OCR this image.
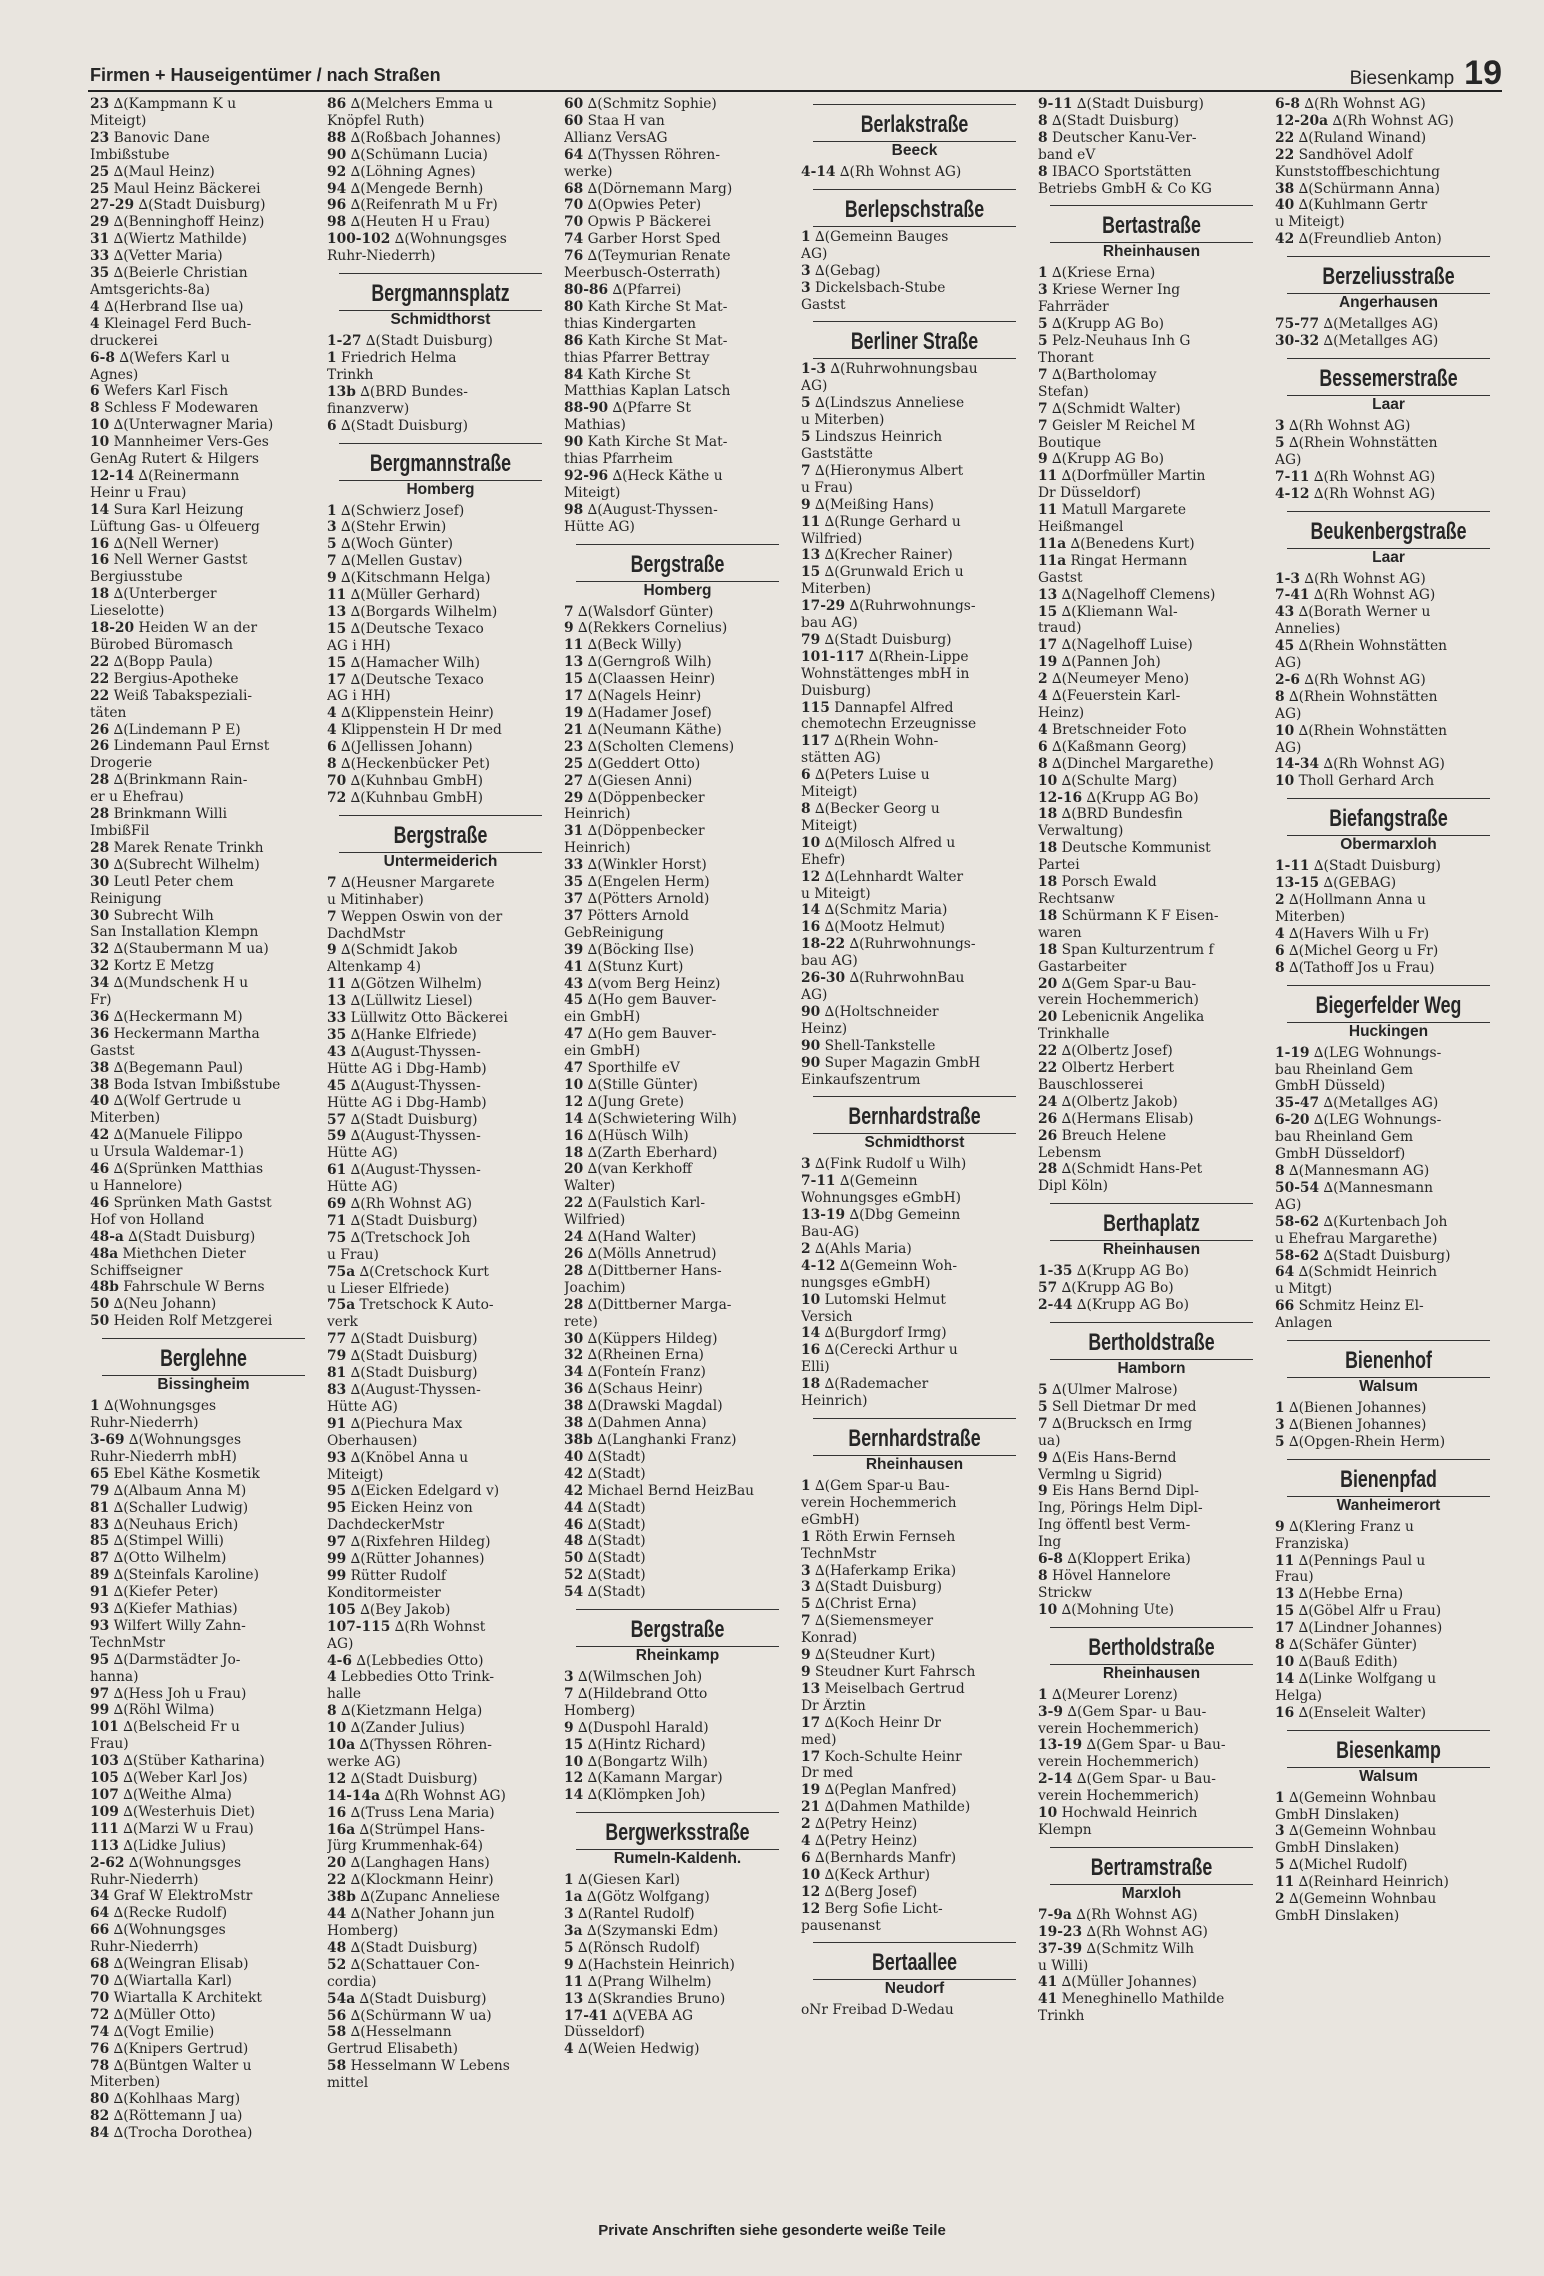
Firmen + Hauseigentümer / nach Straßen	Biesenkamp 19
23 ∆(Kampmann K u
Miteigt)
23 Banovic Dane
Imbißstube
25 ∆(Maul Heinz)
25 Maul Heinz Bäckerei
27-29 ∆(Stadt Duisburg)
29 ∆(Benninghoff Heinz)
31 ∆(Wiertz Mathilde)
33 ∆(Vetter Maria)
35 ∆(Beierle Christian
Amtsgerichts-8a)
4 ∆(Herbrand Ilse ua)
4 Kleinagel Ferd Buch-
druckerei
6-8 ∆(Wefers Karl u
Agnes)
6 Wefers Karl Fisch
8 Schless F Modewaren
10 ∆(Unterwagner Maria)
10 Mannheimer Vers-Ges
GenAg Rutert & Hilgers
12-14 ∆(Reinermann
Heinr u Frau)
14 Sura Karl Heizung
Lüftung Gas- u Ölfeuerg
16 ∆(Nell Werner)
16 Nell Werner Gastst
Bergiusstube
18 ∆(Unterberger
Lieselotte)
18-20 Heiden W an der
Bürobed Büromasch
22 ∆(Bopp Paula)
22 Bergius-Apotheke
22 Weiß Tabakspeziali-
täten
26 ∆(Lindemann P E)
26 Lindemann Paul Ernst
Drogerie
28 ∆(Brinkmann Rain-
er u Ehefrau)
28 Brinkmann Willi
ImbißFil
28 Marek Renate Trinkh
30 ∆(Subrecht Wilhelm)
30 Leutl Peter chem
Reinigung
30 Subrecht Wilh
San Installation Klempn
32 ∆(Staubermann M ua)
32 Kortz E Metzg
34 ∆(Mundschenk H u
Fr)
36 ∆(Heckermann M)
36 Heckermann Martha
Gastst
38 ∆(Begemann Paul)
38 Boda Istvan Imbißstube
40 ∆(Wolf Gertrude u
Miterben)
42 ∆(Manuele Filippo
u Ursula Waldemar-1)
46 ∆(Sprünken Matthias
u Hannelore)
46 Sprünken Math Gastst
Hof von Holland
48-a ∆(Stadt Duisburg)
48a Miethchen Dieter
Schiffseigner
48b Fahrschule W Berns
50 ∆(Neu Johann)
50 Heiden Rolf Metzgerei
Berglehne
Bissingheim
1 ∆(Wohnungsges
Ruhr-Niederrh)
3-69 ∆(Wohnungsges
Ruhr-Niederrh mbH)
65 Ebel Käthe Kosmetik
79 ∆(Albaum Anna M)
81 ∆(Schaller Ludwig)
83 ∆(Neuhaus Erich)
85 ∆(Stimpel Willi)
87 ∆(Otto Wilhelm)
89 ∆(Steinfals Karoline)
91 ∆(Kiefer Peter)
93 ∆(Kiefer Mathias)
93 Wilfert Willy Zahn-
TechnMstr
95 ∆(Darmstädter Jo-
hanna)
97 ∆(Hess Joh u Frau)
99 ∆(Röhl Wilma)
101 ∆(Belscheid Fr u
Frau)
103 ∆(Stüber Katharina)
105 ∆(Weber Karl Jos)
107 ∆(Weithe Alma)
109 ∆(Westerhuis Diet)
111 ∆(Marzi W u Frau)
113 ∆(Lidke Julius)
2-62 ∆(Wohnungsges
Ruhr-Niederrh)
34 Graf W ElektroMstr
64 ∆(Recke Rudolf)
66 ∆(Wohnungsges
Ruhr-Niederrh)
68 ∆(Weingran Elisab)
70 ∆(Wiartalla Karl)
70 Wiartalla K Architekt
72 ∆(Müller Otto)
74 ∆(Vogt Emilie)
76 ∆(Knipers Gertrud)
78 ∆(Büntgen Walter u
Miterben)
80 ∆(Kohlhaas Marg)
82 ∆(Röttemann J ua)
84 ∆(Trocha Dorothea)
86 ∆(Melchers Emma u
Knöpfel Ruth)
88 ∆(Roßbach Johannes)
90 ∆(Schümann Lucia)
92 ∆(Löhning Agnes)
94 ∆(Mengede Bernh)
96 ∆(Reifenrath M u Fr)
98 ∆(Heuten H u Frau)
100-102 ∆(Wohnungsges
Ruhr-Niederrh)
Bergmannsplatz
Schmidthorst
1-27 ∆(Stadt Duisburg)
1 Friedrich Helma
Trinkh
13b ∆(BRD Bundes-
finanzverw)
6 ∆(Stadt Duisburg)
Bergmannstraße
Homberg
1 ∆(Schwierz Josef)
3 ∆(Stehr Erwin)
5 ∆(Woch Günter)
7 ∆(Mellen Gustav)
9 ∆(Kitschmann Helga)
11 ∆(Müller Gerhard)
13 ∆(Borgards Wilhelm)
15 ∆(Deutsche Texaco
AG i HH)
15 ∆(Hamacher Wilh)
17 ∆(Deutsche Texaco
AG i HH)
4 ∆(Klippenstein Heinr)
4 Klippenstein H Dr med
6 ∆(Jellissen Johann)
8 ∆(Heckenbücker Pet)
70 ∆(Kuhnbau GmbH)
72 ∆(Kuhnbau GmbH)
Bergstraße
Untermeiderich
7 ∆(Heusner Margarete
u Mitinhaber)
7 Weppen Oswin von der
DachdMstr
9 ∆(Schmidt Jakob
Altenkamp 4)
11 ∆(Götzen Wilhelm)
13 ∆(Lüllwitz Liesel)
33 Lüllwitz Otto Bäckerei
35 ∆(Hanke Elfriede)
43 ∆(August-Thyssen-
Hütte AG i Dbg-Hamb)
45 ∆(August-Thyssen-
Hütte AG i Dbg-Hamb)
57 ∆(Stadt Duisburg)
59 ∆(August-Thyssen-
Hütte AG)
61 ∆(August-Thyssen-
Hütte AG)
69 ∆(Rh Wohnst AG)
71 ∆(Stadt Duisburg)
75 ∆(Tretschock Joh
u Frau)
75a ∆(Cretschock Kurt
u Lieser Elfriede)
75a Tretschock K Auto-
verk
77 ∆(Stadt Duisburg)
79 ∆(Stadt Duisburg)
81 ∆(Stadt Duisburg)
83 ∆(August-Thyssen-
Hütte AG)
91 ∆(Piechura Max
Oberhausen)
93 ∆(Knöbel Anna u
Miteigt)
95 ∆(Eicken Edelgard v)
95 Eicken Heinz von
DachdeckerMstr
97 ∆(Rixfehren Hildeg)
99 ∆(Rütter Johannes)
99 Rütter Rudolf
Konditormeister
105 ∆(Bey Jakob)
107-115 ∆(Rh Wohnst
AG)
4-6 ∆(Lebbedies Otto)
4 Lebbedies Otto Trink-
halle
8 ∆(Kietzmann Helga)
10 ∆(Zander Julius)
10a ∆(Thyssen Röhren-
werke AG)
12 ∆(Stadt Duisburg)
14-14a ∆(Rh Wohnst AG)
16 ∆(Truss Lena Maria)
16a ∆(Strümpel Hans-
Jürg Krummenhak-64)
20 ∆(Langhagen Hans)
22 ∆(Klockmann Heinr)
38b ∆(Zupanc Anneliese
44 ∆(Nather Johann jun
Homberg)
48 ∆(Stadt Duisburg)
52 ∆(Schattauer Con-
cordia)
54a ∆(Stadt Duisburg)
56 ∆(Schürmann W ua)
58 ∆(Hesselmann
Gertrud Elisabeth)
58 Hesselmann W Lebens
mittel
60 ∆(Schmitz Sophie)
60 Staa H van
Allianz VersAG
64 ∆(Thyssen Röhren-
werke)
68 ∆(Dörnemann Marg)
70 ∆(Opwies Peter)
70 Opwis P Bäckerei
74 Garber Horst Sped
76 ∆(Teymurian Renate
Meerbusch-Osterrath)
80-86 ∆(Pfarrei)
80 Kath Kirche St Mat-
thias Kindergarten
86 Kath Kirche St Mat-
thias Pfarrer Bettray
84 Kath Kirche St
Matthias Kaplan Latsch
88-90 ∆(Pfarre St
Mathias)
90 Kath Kirche St Mat-
thias Pfarrheim
92-96 ∆(Heck Käthe u
Miteigt)
98 ∆(August-Thyssen-
Hütte AG)
Bergstraße
Homberg
7 ∆(Walsdorf Günter)
9 ∆(Rekkers Cornelius)
11 ∆(Beck Willy)
13 ∆(Gerngroß Wilh)
15 ∆(Claassen Heinr)
17 ∆(Nagels Heinr)
19 ∆(Hadamer Josef)
21 ∆(Neumann Käthe)
23 ∆(Scholten Clemens)
25 ∆(Geddert Otto)
27 ∆(Giesen Anni)
29 ∆(Döppenbecker
Heinrich)
31 ∆(Döppenbecker
Heinrich)
33 ∆(Winkler Horst)
35 ∆(Engelen Herm)
37 ∆(Pötters Arnold)
37 Pötters Arnold
GebReinigung
39 ∆(Böcking Ilse)
41 ∆(Stunz Kurt)
43 ∆(vom Berg Heinz)
45 ∆(Ho gem Bauver-
ein GmbH)
47 ∆(Ho gem Bauver-
ein GmbH)
47 Sporthilfe eV
10 ∆(Stille Günter)
12 ∆(Jung Grete)
14 ∆(Schwietering Wilh)
16 ∆(Hüsch Wilh)
18 ∆(Zarth Eberhard)
20 ∆(van Kerkhoff
Walter)
22 ∆(Faulstich Karl-
Wilfried)
24 ∆(Hand Walter)
26 ∆(Mölls Annetrud)
28 ∆(Dittberner Hans-
Joachim)
28 ∆(Dittberner Marga-
rete)
30 ∆(Küppers Hildeg)
32 ∆(Rheinen Erna)
34 ∆(Fonteín Franz)
36 ∆(Schaus Heinr)
38 ∆(Drawski Magdal)
38 ∆(Dahmen Anna)
38b ∆(Langhanki Franz)
40 ∆(Stadt)
42 ∆(Stadt)
42 Michael Bernd HeizBau
44 ∆(Stadt)
46 ∆(Stadt)
48 ∆(Stadt)
50 ∆(Stadt)
52 ∆(Stadt)
54 ∆(Stadt)
Bergstraße
Rheinkamp
3 ∆(Wilmschen Joh)
7 ∆(Hildebrand Otto
Homberg)
9 ∆(Duspohl Harald)
15 ∆(Hintz Richard)
10 ∆(Bongartz Wilh)
12 ∆(Kamann Margar)
14 ∆(Klömpken Joh)
Bergwerksstraße
Rumeln-Kaldenh.
1 ∆(Giesen Karl)
1a ∆(Götz Wolfgang)
3 ∆(Rantel Rudolf)
3a ∆(Szymanski Edm)
5 ∆(Rönsch Rudolf)
9 ∆(Hachstein Heinrich)
11 ∆(Prang Wilhelm)
13 ∆(Skrandies Bruno)
17-41 ∆(VEBA AG
Düsseldorf)
4 ∆(Weien Hedwig)
Berlakstraße
Beeck
4-14 ∆(Rh Wohnst AG)
Berlepschstraße
1 ∆(Gemeinn Bauges
AG)
3 ∆(Gebag)
3 Dickelsbach-Stube
Gastst
Berliner Straße
1-3 ∆(Ruhrwohnungsbau
AG)
5 ∆(Lindszus Anneliese
u Miterben)
5 Lindszus Heinrich
Gaststätte
7 ∆(Hieronymus Albert
u Frau)
9 ∆(Meißing Hans)
11 ∆(Runge Gerhard u
Wilfried)
13 ∆(Krecher Rainer)
15 ∆(Grunwald Erich u
Miterben)
17-29 ∆(Ruhrwohnungs-
bau AG)
79 ∆(Stadt Duisburg)
101-117 ∆(Rhein-Lippe
Wohnstättenges mbH in
Duisburg)
115 Dannapfel Alfred
chemotechn Erzeugnisse
117 ∆(Rhein Wohn-
stätten AG)
6 ∆(Peters Luise u
Miteigt)
8 ∆(Becker Georg u
Miteigt)
10 ∆(Milosch Alfred u
Ehefr)
12 ∆(Lehnhardt Walter
u Miteigt)
14 ∆(Schmitz Maria)
16 ∆(Mootz Helmut)
18-22 ∆(Ruhrwohnungs-
bau AG)
26-30 ∆(RuhrwohnBau
AG)
90 ∆(Holtschneider
Heinz)
90 Shell-Tankstelle
90 Super Magazin GmbH
Einkaufszentrum
Bernhardstraße
Schmidthorst
3 ∆(Fink Rudolf u Wilh)
7-11 ∆(Gemeinn
Wohnungsges eGmbH)
13-19 ∆(Dbg Gemeinn
Bau-AG)
2 ∆(Ahls Maria)
4-12 ∆(Gemeinn Woh-
nungsges eGmbH)
10 Lutomski Helmut
Versich
14 ∆(Burgdorf Irmg)
16 ∆(Cerecki Arthur u
Elli)
18 ∆(Rademacher
Heinrich)
Bernhardstraße
Rheinhausen
1 ∆(Gem Spar-u Bau-
verein Hochemmerich
eGmbH)
1 Röth Erwin Fernseh
TechnMstr
3 ∆(Haferkamp Erika)
3 ∆(Stadt Duisburg)
5 ∆(Christ Erna)
7 ∆(Siemensmeyer
Konrad)
9 ∆(Steudner Kurt)
9 Steudner Kurt Fahrsch
13 Meiselbach Gertrud
Dr Ärztin
17 ∆(Koch Heinr Dr
med)
17 Koch-Schulte Heinr
Dr med
19 ∆(Peglan Manfred)
21 ∆(Dahmen Mathilde)
2 ∆(Petry Heinz)
4 ∆(Petry Heinz)
6 ∆(Bernhards Manfr)
10 ∆(Keck Arthur)
12 ∆(Berg Josef)
12 Berg Sofie Licht-
pausenanst
Bertaallee
Neudorf
oNr Freibad D-Wedau
9-11 ∆(Stadt Duisburg)
8 ∆(Stadt Duisburg)
8 Deutscher Kanu-Ver-
band eV
8 IBACO Sportstätten
Betriebs GmbH & Co KG
Bertastraße
Rheinhausen
1 ∆(Kriese Erna)
3 Kriese Werner Ing
Fahrräder
5 ∆(Krupp AG Bo)
5 Pelz-Neuhaus Inh G
Thorant
7 ∆(Bartholomay
Stefan)
7 ∆(Schmidt Walter)
7 Geisler M Reichel M
Boutique
9 ∆(Krupp AG Bo)
11 ∆(Dorfmüller Martin
Dr Düsseldorf)
11 Matull Margarete
Heißmangel
11a ∆(Benedens Kurt)
11a Ringat Hermann
Gastst
13 ∆(Nagelhoff Clemens)
15 ∆(Kliemann Wal-
traud)
17 ∆(Nagelhoff Luise)
19 ∆(Pannen Joh)
2 ∆(Neumeyer Meno)
4 ∆(Feuerstein Karl-
Heinz)
4 Bretschneider Foto
6 ∆(Kaßmann Georg)
8 ∆(Dinchel Margarethe)
10 ∆(Schulte Marg)
12-16 ∆(Krupp AG Bo)
18 ∆(BRD Bundesfin
Verwaltung)
18 Deutsche Kommunist
Partei
18 Porsch Ewald
Rechtsanw
18 Schürmann K F Eisen-
waren
18 Span Kulturzentrum f
Gastarbeiter
20 ∆(Gem Spar-u Bau-
verein Hochemmerich)
20 Lebenicnik Angelika
Trinkhalle
22 ∆(Olbertz Josef)
22 Olbertz Herbert
Bauschlosserei
24 ∆(Olbertz Jakob)
26 ∆(Hermans Elisab)
26 Breuch Helene
Lebensm
28 ∆(Schmidt Hans-Pet
Dipl Köln)
Berthaplatz
Rheinhausen
1-35 ∆(Krupp AG Bo)
57 ∆(Krupp AG Bo)
2-44 ∆(Krupp AG Bo)
Bertholdstraße
Hamborn
5 ∆(Ulmer Malrose)
5 Sell Dietmar Dr med
7 ∆(Brucksch en Irmg
ua)
9 ∆(Eis Hans-Bernd
Vermlng u Sigrid)
9 Eis Hans Bernd Dipl-
Ing, Pörings Helm Dipl-
Ing öffentl best Verm-
Ing
6-8 ∆(Kloppert Erika)
8 Hövel Hannelore
Strickw
10 ∆(Mohning Ute)
Bertholdstraße
Rheinhausen
1 ∆(Meurer Lorenz)
3-9 ∆(Gem Spar- u Bau-
verein Hochemmerich)
13-19 ∆(Gem Spar- u Bau-
verein Hochemmerich)
2-14 ∆(Gem Spar- u Bau-
verein Hochemmerich)
10 Hochwald Heinrich
Klempn
Bertramstraße
Marxloh
7-9a ∆(Rh Wohnst AG)
19-23 ∆(Rh Wohnst AG)
37-39 ∆(Schmitz Wilh
u Willi)
41 ∆(Müller Johannes)
41 Meneghinello Mathilde
Trinkh
6-8 ∆(Rh Wohnst AG)
12-20a ∆(Rh Wohnst AG)
22 ∆(Ruland Winand)
22 Sandhövel Adolf
Kunststoffbeschichtung
38 ∆(Schürmann Anna)
40 ∆(Kuhlmann Gertr
u Miteigt)
42 ∆(Freundlieb Anton)
Berzeliusstraße
Angerhausen
75-77 ∆(Metallges AG)
30-32 ∆(Metallges AG)
Bessemerstraße
Laar
3 ∆(Rh Wohnst AG)
5 ∆(Rhein Wohnstätten
AG)
7-11 ∆(Rh Wohnst AG)
4-12 ∆(Rh Wohnst AG)
Beukenbergstraße
Laar
1-3 ∆(Rh Wohnst AG)
7-41 ∆(Rh Wohnst AG)
43 ∆(Borath Werner u
Annelies)
45 ∆(Rhein Wohnstätten
AG)
2-6 ∆(Rh Wohnst AG)
8 ∆(Rhein Wohnstätten
AG)
10 ∆(Rhein Wohnstätten
AG)
14-34 ∆(Rh Wohnst AG)
10 Tholl Gerhard Arch
Biefangstraße
Obermarxloh
1-11 ∆(Stadt Duisburg)
13-15 ∆(GEBAG)
2 ∆(Hollmann Anna u
Miterben)
4 ∆(Havers Wilh u Fr)
6 ∆(Michel Georg u Fr)
8 ∆(Tathoff Jos u Frau)
Biegerfelder Weg
Huckingen
1-19 ∆(LEG Wohnungs-
bau Rheinland Gem
GmbH Düsseld)
35-47 ∆(Metallges AG)
6-20 ∆(LEG Wohnungs-
bau Rheinland Gem
GmbH Düsseldorf)
8 ∆(Mannesmann AG)
50-54 ∆(Mannesmann
AG)
58-62 ∆(Kurtenbach Joh
u Ehefrau Margarethe)
58-62 ∆(Stadt Duisburg)
64 ∆(Schmidt Heinrich
u Mitgt)
66 Schmitz Heinz El-
Anlagen
Bienenhof
Walsum
1 ∆(Bienen Johannes)
3 ∆(Bienen Johannes)
5 ∆(Opgen-Rhein Herm)
Bienenpfad
Wanheimerort
9 ∆(Klering Franz u
Franziska)
11 ∆(Pennings Paul u
Frau)
13 ∆(Hebbe Erna)
15 ∆(Göbel Alfr u Frau)
17 ∆(Lindner Johannes)
8 ∆(Schäfer Günter)
10 ∆(Bauß Edith)
14 ∆(Linke Wolfgang u
Helga)
16 ∆(Enseleit Walter)
Biesenkamp
Walsum
1 ∆(Gemeinn Wohnbau
GmbH Dinslaken)
3 ∆(Gemeinn Wohnbau
GmbH Dinslaken)
5 ∆(Michel Rudolf)
11 ∆(Reinhard Heinrich)
2 ∆(Gemeinn Wohnbau
GmbH Dinslaken)
Private Anschriften siehe gesonderte weiße Teile
